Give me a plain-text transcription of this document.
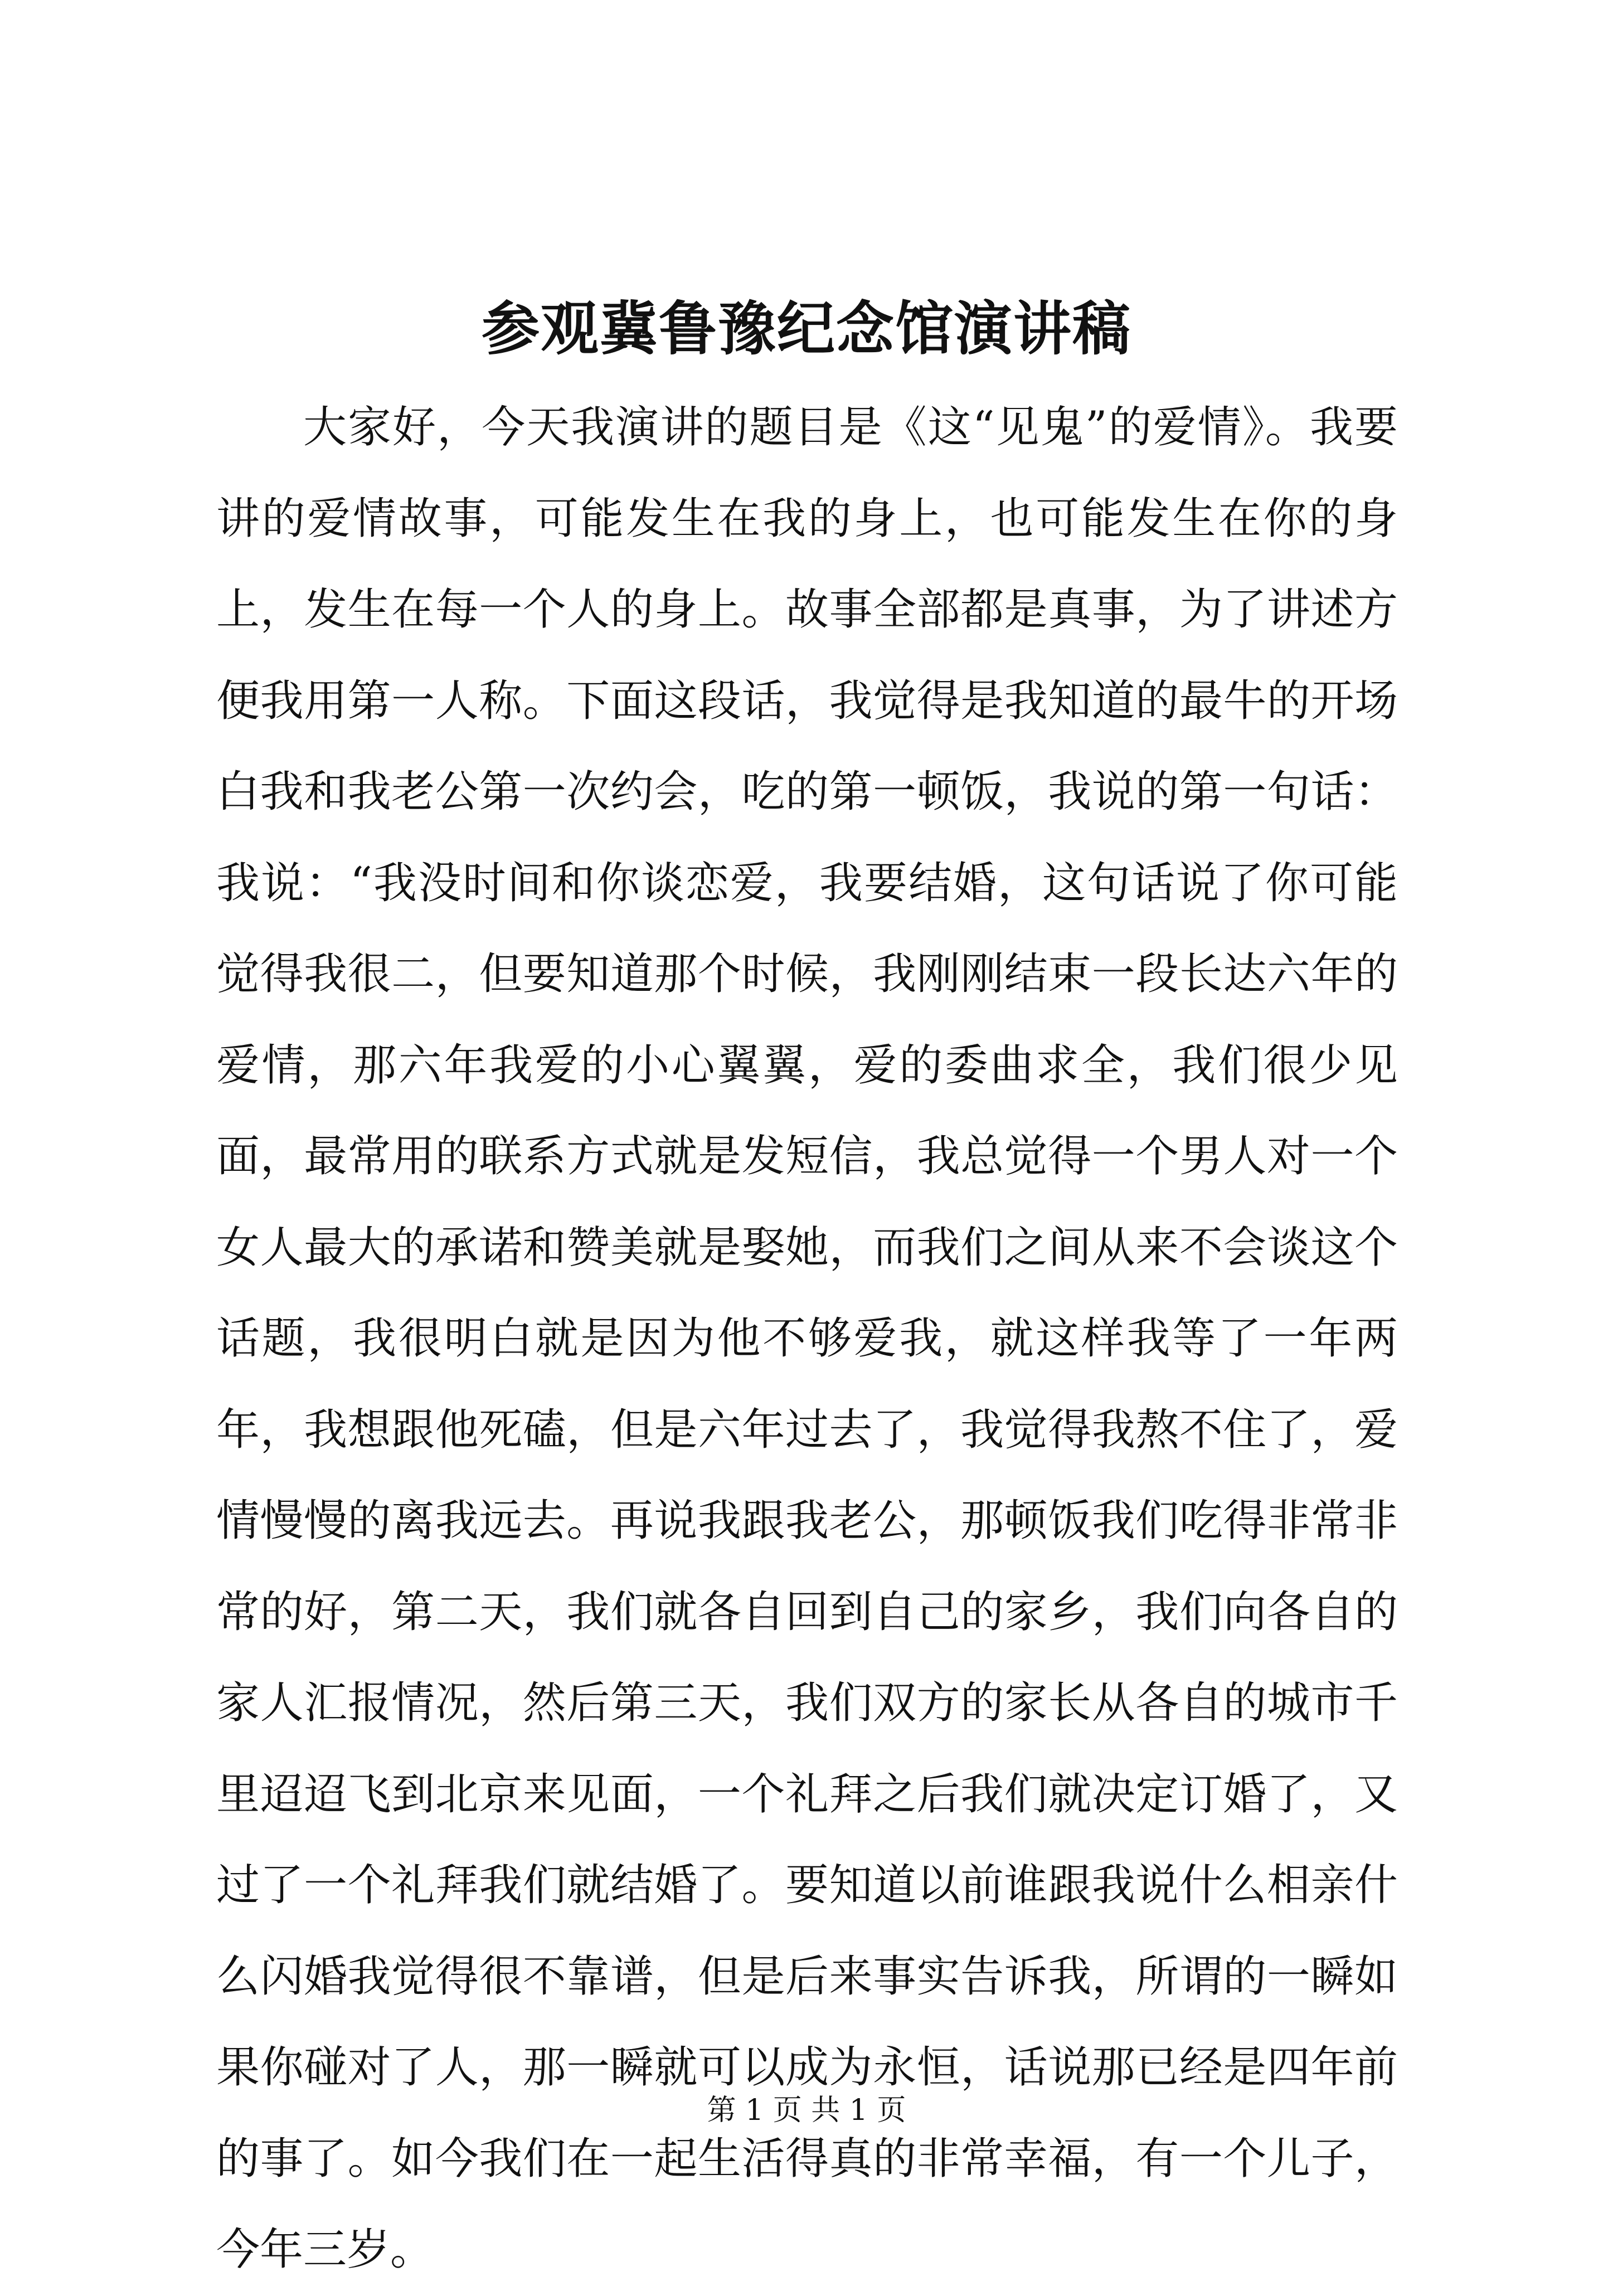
参观冀鲁豫纪念馆演讲稿

大家好，今天我演讲的题目是《这“见鬼”的爱情》。我要讲的爱情故事，可能发生在我的身上，也可能发生在你的身上，发生在每一个人的身上。故事全部都是真事，为了讲述方便我用第一人称。下面这段话，我觉得是我知道的最牛的开场白我和我老公第一次约会，吃的第一顿饭，我说的第一句话：我说：“我没时间和你谈恋爱，我要结婚，这句话说了你可能觉得我很二，但要知道那个时候，我刚刚结束一段长达六年的爱情，那六年我爱的小心翼翼，爱的委曲求全，我们很少见面，最常用的联系方式就是发短信，我总觉得一个男人对一个女人最大的承诺和赞美就是娶她，而我们之间从来不会谈这个话题，我很明白就是因为他不够爱我，就这样我等了一年两年，我想跟他死磕，但是六年过去了，我觉得我熬不住了，爱情慢慢的离我远去。再说我跟我老公，那顿饭我们吃得非常非常的好，第二天，我们就各自回到自己的家乡，我们向各自的家人汇报情况，然后第三天，我们双方的家长从各自的城市千里迢迢飞到北京来见面，一个礼拜之后我们就决定订婚了，又过了一个礼拜我们就结婚了。要知道以前谁跟我说什么相亲什么闪婚我觉得很不靠谱，但是后来事实告诉我，所谓的一瞬如果你碰对了人，那一瞬就可以成为永恒，话说那已经是四年前的事了。如今我们在一起生活得真的非常幸福，有一个儿子，今年三岁。

第 1 页 共 1 页
